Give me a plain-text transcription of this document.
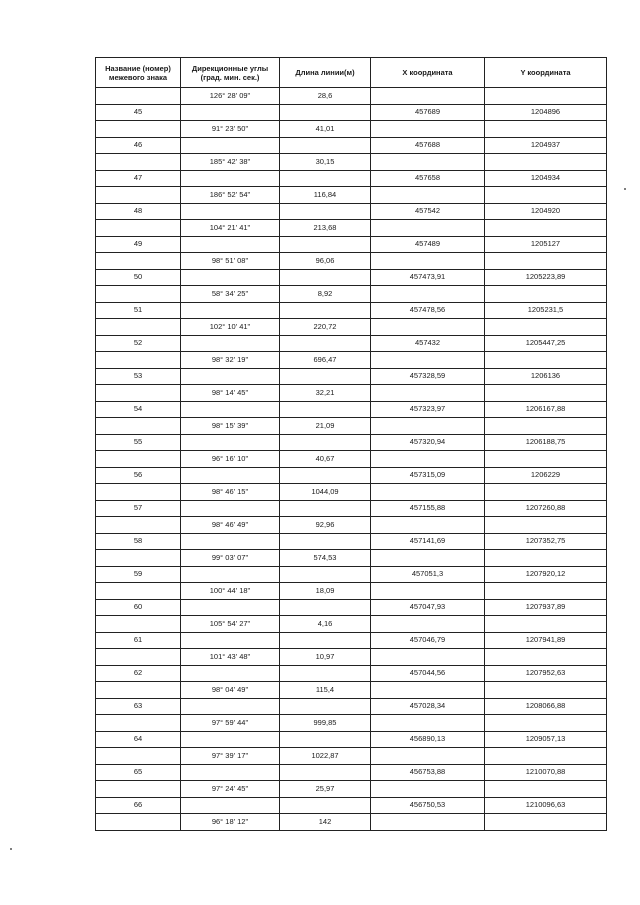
Название (номер) межевого знака	Дирекционные углы (град. мин. сек.)	Длина линии(м)	X координата	Y координата
	126° 28' 09"	28,6		
45			457689	1204896
	91° 23' 50"	41,01		
46			457688	1204937
	185° 42' 38"	30,15		
47			457658	1204934
	186° 52' 54"	116,84		
48			457542	1204920
	104° 21' 41"	213,68		
49			457489	1205127
	98° 51' 08"	96,06		
50			457473,91	1205223,89
	58° 34' 25"	8,92		
51			457478,56	1205231,5
	102° 10' 41"	220,72		
52			457432	1205447,25
	98° 32' 19"	696,47		
53			457328,59	1206136
	98° 14' 45"	32,21		
54			457323,97	1206167,88
	98° 15' 39"	21,09		
55			457320,94	1206188,75
	96° 16' 10"	40,67		
56			457315,09	1206229
	98° 46' 15"	1044,09		
57			457155,88	1207260,88
	98° 46' 49"	92,96		
58			457141,69	1207352,75
	99° 03' 07"	574,53		
59			457051,3	1207920,12
	100° 44' 18"	18,09		
60			457047,93	1207937,89
	105° 54' 27"	4,16		
61			457046,79	1207941,89
	101° 43' 48"	10,97		
62			457044,56	1207952,63
	98° 04' 49"	115,4		
63			457028,34	1208066,88
	97° 59' 44"	999,85		
64			456890,13	1209057,13
	97° 39' 17"	1022,87		
65			456753,88	1210070,88
	97° 24' 45"	25,97		
66			456750,53	1210096,63
	96° 18' 12"	142		
